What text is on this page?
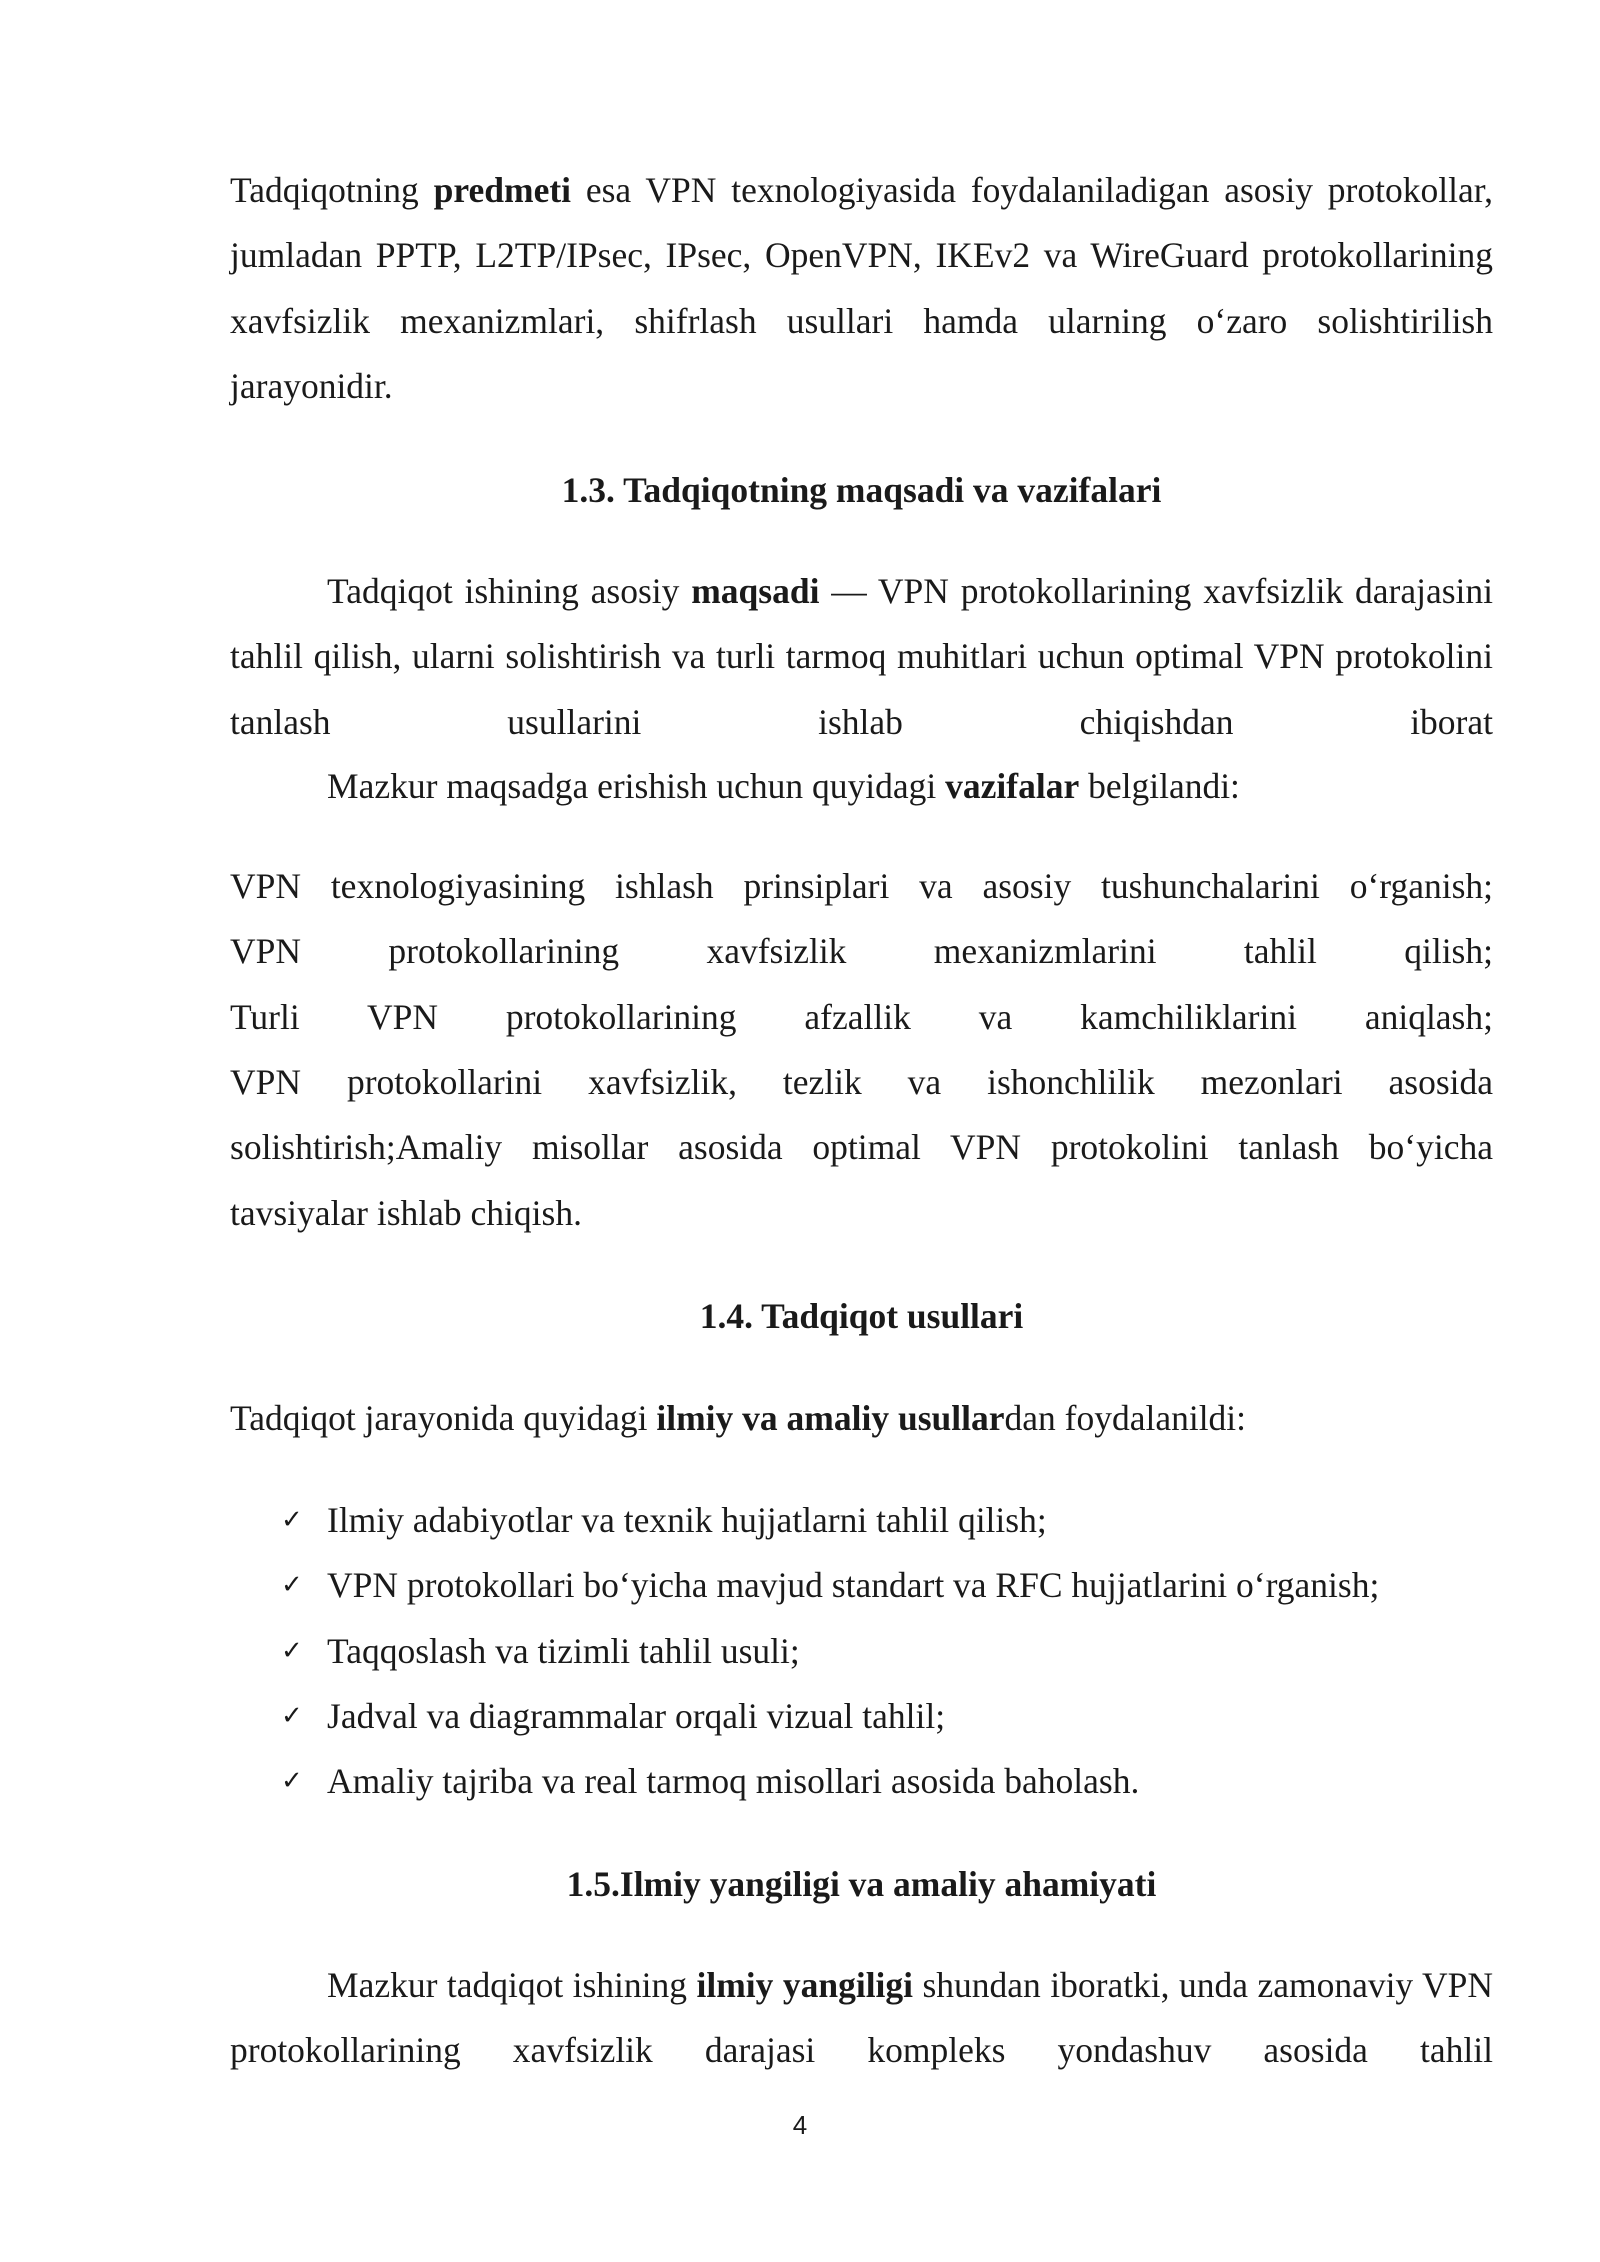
Tadqiqotning predmeti esa VPN texnologiyasida foydalaniladigan asosiy protokollar, jumladan PPTP, L2TP/IPsec, IPsec, OpenVPN, IKEv2 va WireGuard protokollarining xavfsizlik mexanizmlari, shifrlash usullari hamda ularning o‘zaro solishtirilish jarayonidir.

1.3. Tadqiqotning maqsadi va vazifalari

Tadqiqot ishining asosiy maqsadi — VPN protokollarining xavfsizlik darajasini tahlil qilish, ularni solishtirish va turli tarmoq muhitlari uchun optimal VPN protokolini tanlash usullarini ishlab chiqishdan iborat

Mazkur maqsadga erishish uchun quyidagi vazifalar belgilandi:

VPN texnologiyasining ishlash prinsiplari va asosiy tushunchalarini o‘rganish;

VPN protokollarining xavfsizlik mexanizmlarini tahlil qilish;

Turli VPN protokollarining afzallik va kamchiliklarini aniqlash;

VPN protokollarini xavfsizlik, tezlik va ishonchlilik mezonlari asosida solishtirish;Amaliy misollar asosida optimal VPN protokolini tanlash bo‘yicha tavsiyalar ishlab chiqish.

1.4. Tadqiqot usullari

Tadqiqot jarayonida quyidagi ilmiy va amaliy usullardan foydalanildi:

✓ Ilmiy adabiyotlar va texnik hujjatlarni tahlil qilish;
✓ VPN protokollari bo‘yicha mavjud standart va RFC hujjatlarini o‘rganish;
✓ Taqqoslash va tizimli tahlil usuli;
✓ Jadval va diagrammalar orqali vizual tahlil;
✓ Amaliy tajriba va real tarmoq misollari asosida baholash.
1.5.Ilmiy yangiligi va amaliy ahamiyati

Mazkur tadqiqot ishining ilmiy yangiligi shundan iboratki, unda zamonaviy VPN protokollarining xavfsizlik darajasi kompleks yondashuv asosida tahlil

4
